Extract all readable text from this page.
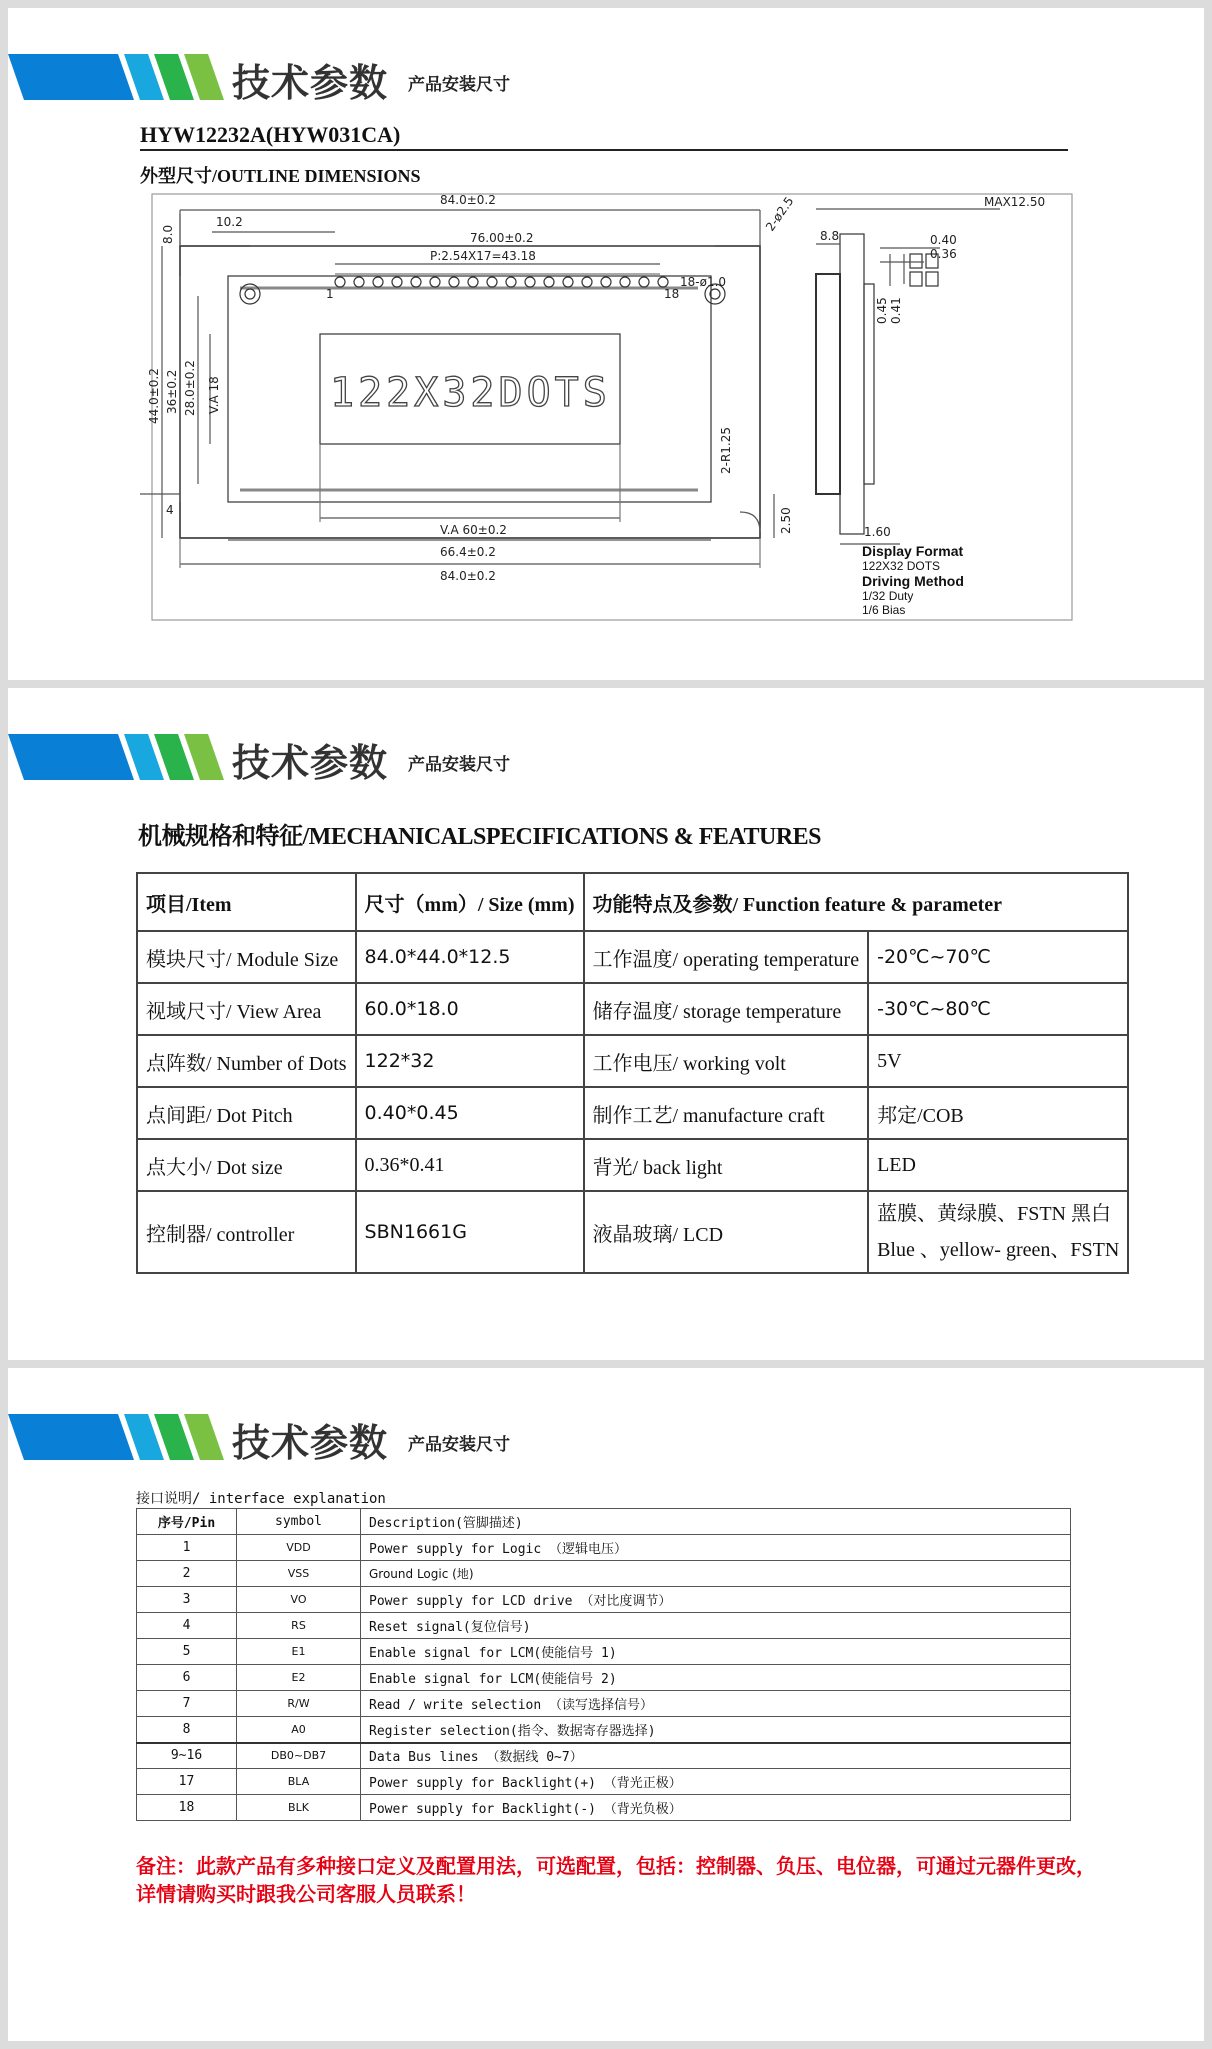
技术参数 产品安装尺寸
HYW12232A(HYW031CA)
外型尺寸/OUTLINE DIMENSIONS
122X32DOTS
84.0±0.2
10.2
76.00±0.2
P:2.54X17=43.18
18-ø1.0
1	18
2-ø2.5
8.0
44.0±0.2 36±0.2 28.0±0.2 V.A 18
V.A 60±0.2
66.4±0.2
84.0±0.2
2-R1.25
4	2.50
MAX12.50
8.8
1.60
0.40
0.36
0.45 0.41
Display Format
122X32 DOTS
Driving Method
1/32 Duty
1/6 Bias
技术参数 产品安装尺寸
机械规格和特征/MECHANICALSPECIFICATIONS & FEATURES
项目/Item	尺寸（mm）/ Size (mm)	功能特点及参数/ Function feature & parameter	
模块尺寸/ Module Size	84.0*44.0*12.5	工作温度/ operating temperature	-20℃~70℃
视域尺寸/ View Area	60.0*18.0	储存温度/ storage temperature	-30℃~80℃
点阵数/ Number of Dots	122*32	工作电压/ working volt	5V
点间距/ Dot Pitch	0.40*0.45	制作工艺/ manufacture craft	邦定/COB
点大小/ Dot size	0.36*0.41	背光/ back light	LED
控制器/ controller	SBN1661G	液晶玻璃/ LCD	蓝膜、黄绿膜、FSTN 黑白
Blue 、yellow- green、FSTN
技术参数 产品安装尺寸
接口说明/ interface explanation
序号/Pin	symbol	Description(管脚描述)
1	VDD	Power supply for Logic （逻辑电压）
2	VSS	Ground Logic (地)
3	VO	Power supply for LCD drive （对比度调节）
4	RS	Reset signal(复位信号)
5	E1	Enable signal for LCM(使能信号 1)
6	E2	Enable signal for LCM(使能信号 2)
7	R/W	Read / write selection （读写选择信号）
8	A0	Register selection(指令、数据寄存器选择)
9~16	DB0~DB7	Data Bus lines （数据线 0~7）
17	BLA	Power supply for Backlight(+) （背光正极）
18	BLK	Power supply for Backlight(-) （背光负极）
备注：此款产品有多种接口定义及配置用法，可选配置，包括：控制器、负压、电位器，可通过元器件更改，详情请购买时跟我公司客服人员联系！
